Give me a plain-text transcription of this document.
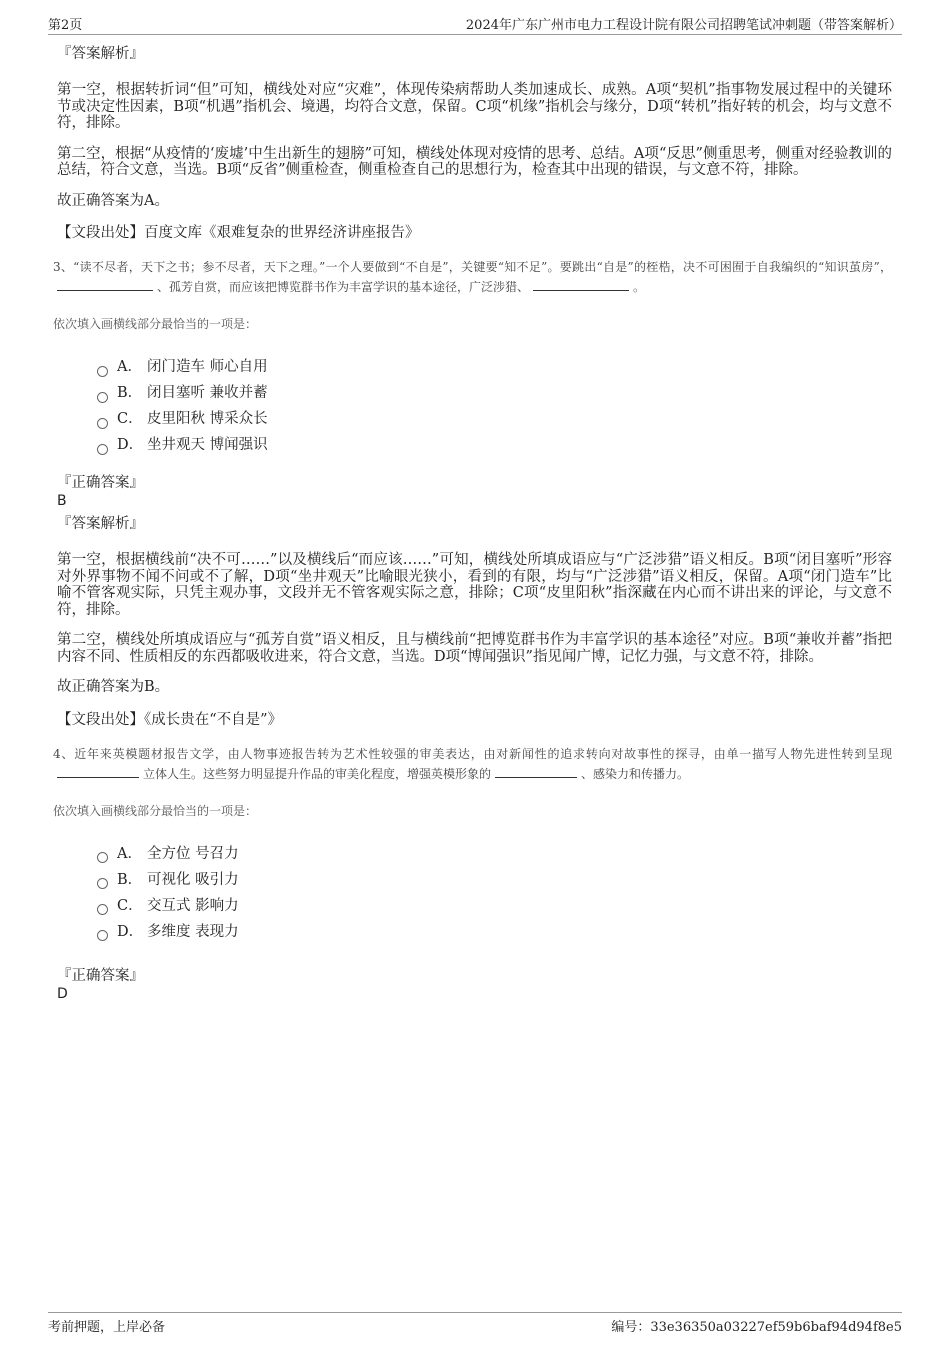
第2页	2024年广东广州市电力工程设计院有限公司招聘笔试冲刺题（带答案解析）

『答案解析』

第一空，根据转折词“但”可知，横线处对应“灾难”，体现传染病帮助人类加速成长、成熟。A项“契机”指事物发展过程中的关键环节或决定性因素，B项“机遇”指机会、境遇，均符合文意，保留。C项“机缘”指机会与缘分，D项“转机”指好转的机会，均与文意不符，排除。

第二空，根据“从疫情的‘废墟’中生出新生的翅膀”可知，横线处体现对疫情的思考、总结。A项“反思”侧重思考，侧重对经验教训的总结，符合文意，当选。B项“反省”侧重检查，侧重检查自己的思想行为，检查其中出现的错误，与文意不符，排除。

故正确答案为A。

【文段出处】百度文库《艰难复杂的世界经济讲座报告》

3、“读不尽者，天下之书；参不尽者，天下之理。”一个人要做到“不自是”，关键要“知不足”。要跳出“自是”的桎梏，决不可困囿于自我编织的“知识茧房”，、孤芳自赏，而应该把博览群书作为丰富学识的基本途径，广泛涉猎、	。

依次填入画横线部分最恰当的一项是：

A． 闭门造车 师心自用
B． 闭目塞听 兼收并蓄
C． 皮里阳秋 博采众长
D． 坐井观天 博闻强识

『正确答案』

B

『答案解析』

第一空，根据横线前“决不可……”以及横线后“而应该……”可知，横线处所填成语应与“广泛涉猎”语义相反。B项“闭目塞听”形容对外界事物不闻不问或不了解，D项“坐井观天”比喻眼光狭小，看到的有限，均与“广泛涉猎”语义相反，保留。A项“闭门造车”比喻不管客观实际，只凭主观办事，文段并无不管客观实际之意，排除；C项“皮里阳秋”指深藏在内心而不讲出来的评论，与文意不符，排除。

第二空，横线处所填成语应与“孤芳自赏”语义相反，且与横线前“把博览群书作为丰富学识的基本途径”对应。B项“兼收并蓄”指把内容不同、性质相反的东西都吸收进来，符合文意，当选。D项“博闻强识”指见闻广博，记忆力强，与文意不符，排除。

故正确答案为B。

【文段出处】《成长贵在“不自是”》

4、近年来英模题材报告文学，由人物事迹报告转为艺术性较强的审美表达，由对新闻性的追求转向对故事性的探寻，由单一描写人物先进性转到呈现立体人生。这些努力明显提升作品的审美化程度，增强英模形象的	、感染力和传播力。

依次填入画横线部分最恰当的一项是：

A． 全方位 号召力
B． 可视化 吸引力
C． 交互式 影响力
D． 多维度 表现力

『正确答案』

D

考前押题，上岸必备	编号：33e36350a03227ef59b6baf94d94f8e5
